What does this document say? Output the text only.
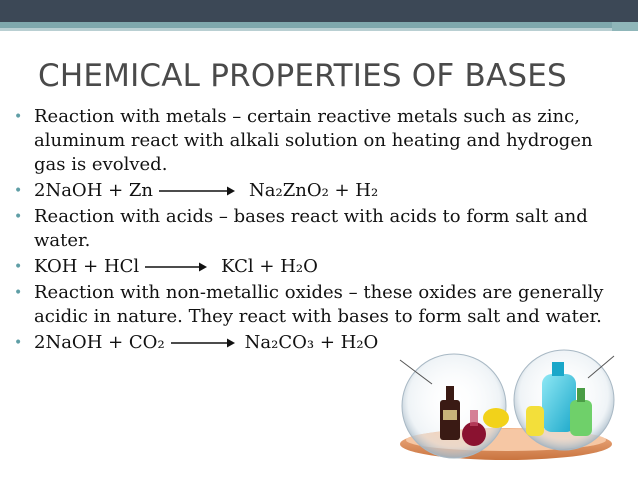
CHEMICAL PROPERTIES OF BASES
• Reaction with metals – certain reactive metals such as zinc, aluminum react with alkali solution on heating and hydrogen gas is evolved.
• 2NaOH + Zn	Na₂ZnO₂ + H₂
• Reaction with acids – bases react with acids to form salt and water.
• KOH + HCl	KCl + H₂O
• Reaction with non-metallic oxides – these oxides are generally acidic in nature. They react with bases to form salt and water.
• 2NaOH + CO₂	Na₂CO₃ + H₂O
